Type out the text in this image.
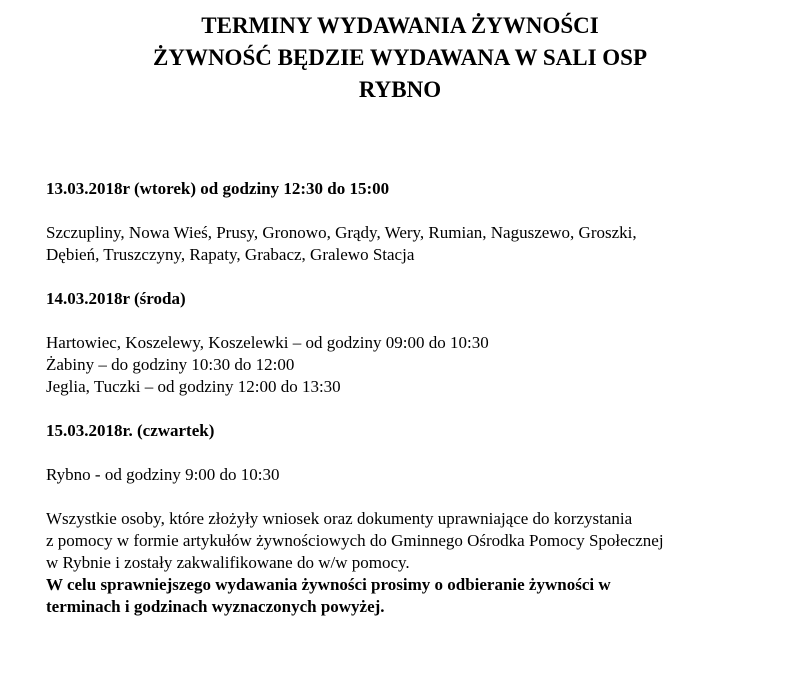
TERMINY WYDAWANIA ŻYWNOŚCI
ŻYWNOŚĆ BĘDZIE WYDAWANA W SALI OSP
RYBNO

13.03.2018r (wtorek) od godziny 12:30 do 15:00

Szczupliny, Nowa Wieś, Prusy, Gronowo, Grądy, Wery, Rumian, Naguszewo, Groszki,
Dębień, Truszczyny, Rapaty, Grabacz, Gralewo Stacja

14.03.2018r (środa)

Hartowiec, Koszelewy, Koszelewki – od godziny 09:00 do 10:30
Żabiny – do godziny 10:30 do 12:00
Jeglia, Tuczki – od godziny 12:00 do 13:30

15.03.2018r. (czwartek)

Rybno - od godziny 9:00 do 10:30

Wszystkie osoby, które złożyły wniosek oraz dokumenty uprawniające do korzystania
z pomocy w formie artykułów żywnościowych do Gminnego Ośrodka Pomocy Społecznej
w Rybnie i zostały zakwalifikowane do w/w pomocy.
W celu sprawniejszego wydawania żywności prosimy o odbieranie żywności w
terminach i godzinach wyznaczonych powyżej.
